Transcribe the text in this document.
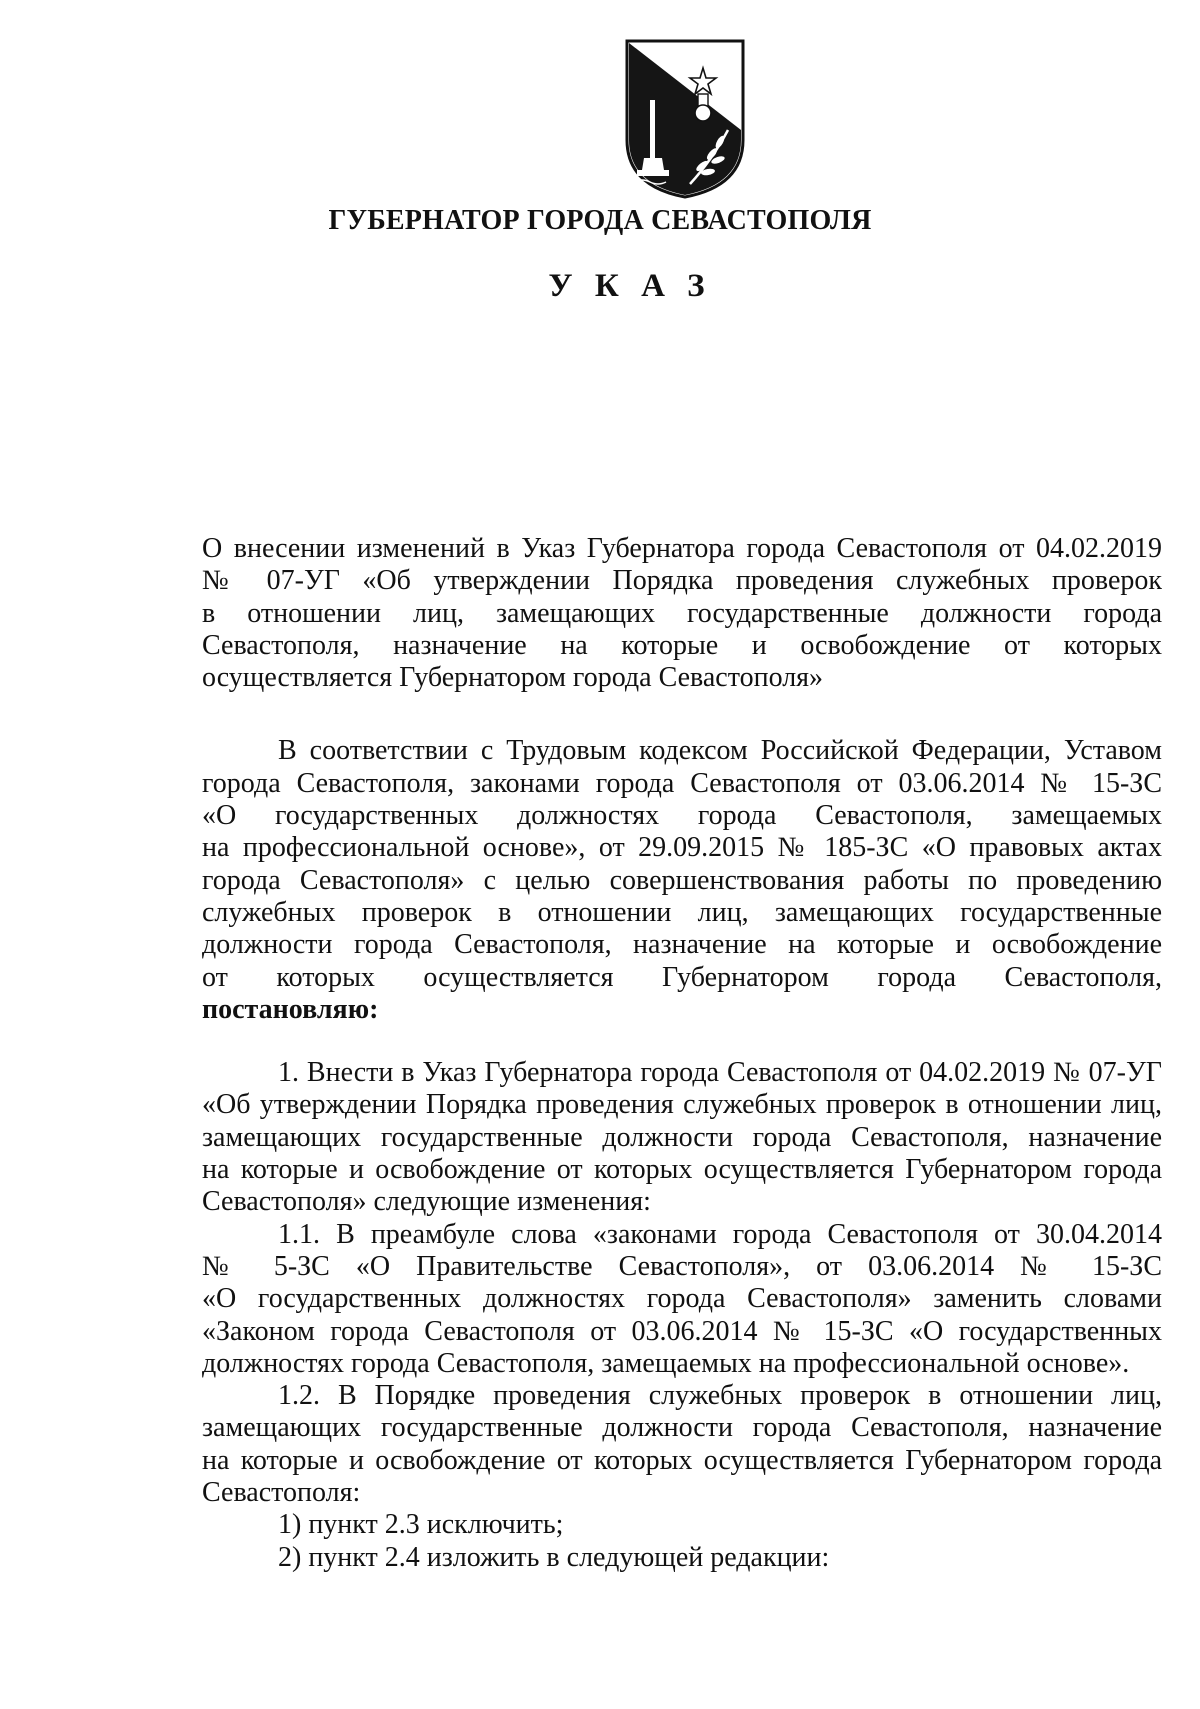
ГУБЕРНАТОР ГОРОДА СЕВАСТОПОЛЯ
У К А З
О внесении изменений в Указ Губернатора города Севастополя от 04.02.2019
№ 07-УГ «Об утверждении Порядка проведения служебных проверок
в отношении лиц, замещающих государственные должности города
Севастополя, назначение на которые и освобождение от которых
осуществляется Губернатором города Севастополя»
В соответствии с Трудовым кодексом Российской Федерации, Уставом
города Севастополя, законами города Севастополя от 03.06.2014 № 15-ЗС
«О государственных должностях города Севастополя, замещаемых
на профессиональной основе», от 29.09.2015 № 185-ЗС «О правовых актах
города Севастополя» с целью совершенствования работы по проведению
служебных проверок в отношении лиц, замещающих государственные
должности города Севастополя, назначение на которые и освобождение
от которых осуществляется Губернатором города Севастополя,
постановляю:
1. Внести в Указ Губернатора города Севастополя от 04.02.2019 № 07-УГ
«Об утверждении Порядка проведения служебных проверок в отношении лиц,
замещающих государственные должности города Севастополя, назначение
на которые и освобождение от которых осуществляется Губернатором города
Севастополя» следующие изменения:
1.1. В преамбуле слова «законами города Севастополя от 30.04.2014
№ 5-ЗС «О Правительстве Севастополя», от 03.06.2014 № 15-ЗС
«О государственных должностях города Севастополя» заменить словами
«Законом города Севастополя от 03.06.2014 № 15-ЗС «О государственных
должностях города Севастополя, замещаемых на профессиональной основе».
1.2. В Порядке проведения служебных проверок в отношении лиц,
замещающих государственные должности города Севастополя, назначение
на которые и освобождение от которых осуществляется Губернатором города
Севастополя:
1) пункт 2.3 исключить;
2) пункт 2.4 изложить в следующей редакции:
